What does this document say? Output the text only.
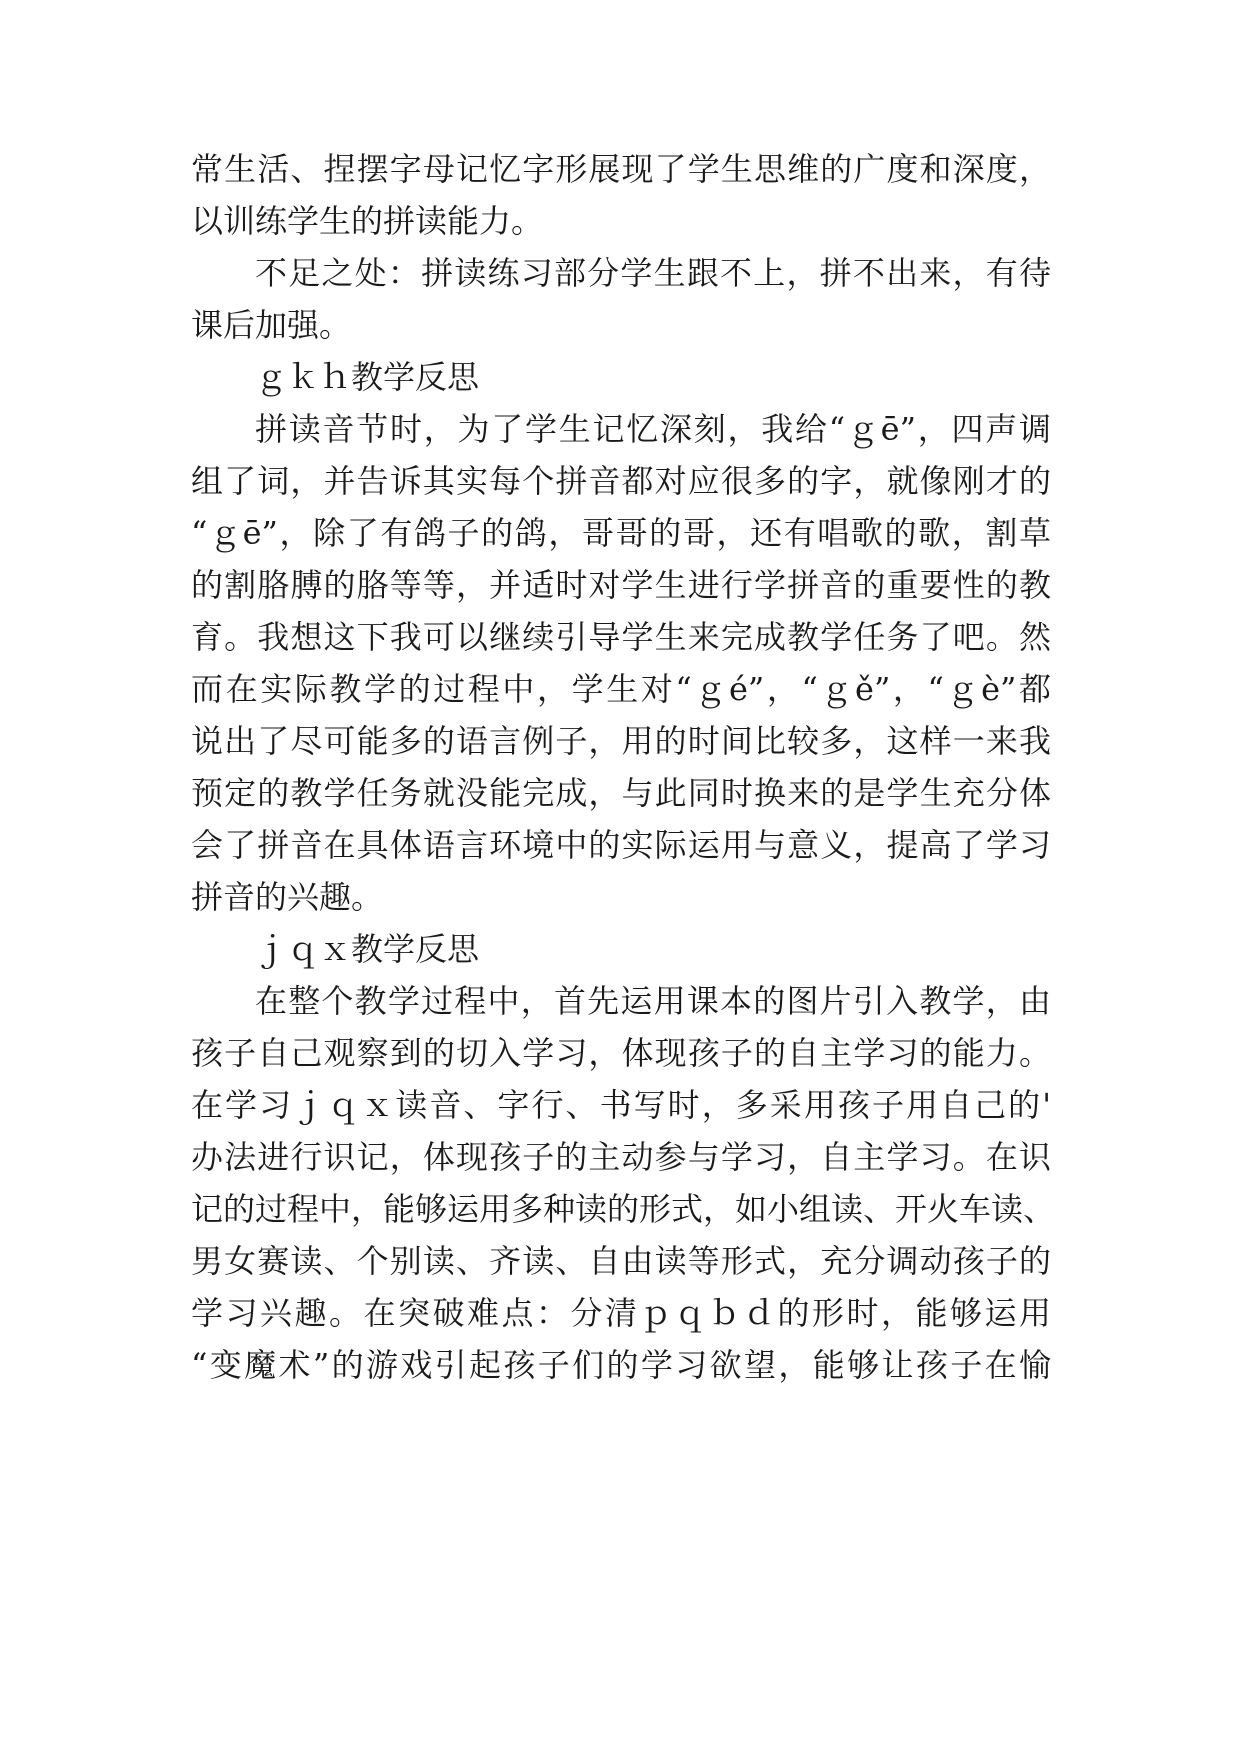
常生活、捏摆字母记忆字形展现了学生思维的广度和深度，
以训练学生的拼读能力。
不足之处：拼读练习部分学生跟不上，拼不出来，有待
课后加强。
ｇｋｈ教学反思
拼读音节时，为了学生记忆深刻，我给“ｇē”，四声调
组了词，并告诉其实每个拼音都对应很多的字，就像刚才的
“ｇē”，除了有鸽子的鸽，哥哥的哥，还有唱歌的歌，割草
的割胳膊的胳等等，并适时对学生进行学拼音的重要性的教
育。我想这下我可以继续引导学生来完成教学任务了吧。然
而在实际教学的过程中，学生对“ｇé”，“ｇě”，“ｇè”都
说出了尽可能多的语言例子，用的时间比较多，这样一来我
预定的教学任务就没能完成，与此同时换来的是学生充分体
会了拼音在具体语言环境中的实际运用与意义，提高了学习
拼音的兴趣。
ｊｑｘ教学反思
在整个教学过程中，首先运用课本的图片引入教学，由
孩子自己观察到的切入学习，体现孩子的自主学习的能力。
在学习ｊｑｘ读音、字行、书写时，多采用孩子用自己的'
办法进行识记，体现孩子的主动参与学习，自主学习。在识
记的过程中，能够运用多种读的形式，如小组读、开火车读、
男女赛读、个别读、齐读、自由读等形式，充分调动孩子的
学习兴趣。在突破难点：分清ｐｑｂｄ的形时，能够运用
“变魔术”的游戏引起孩子们的学习欲望，能够让孩子在愉
